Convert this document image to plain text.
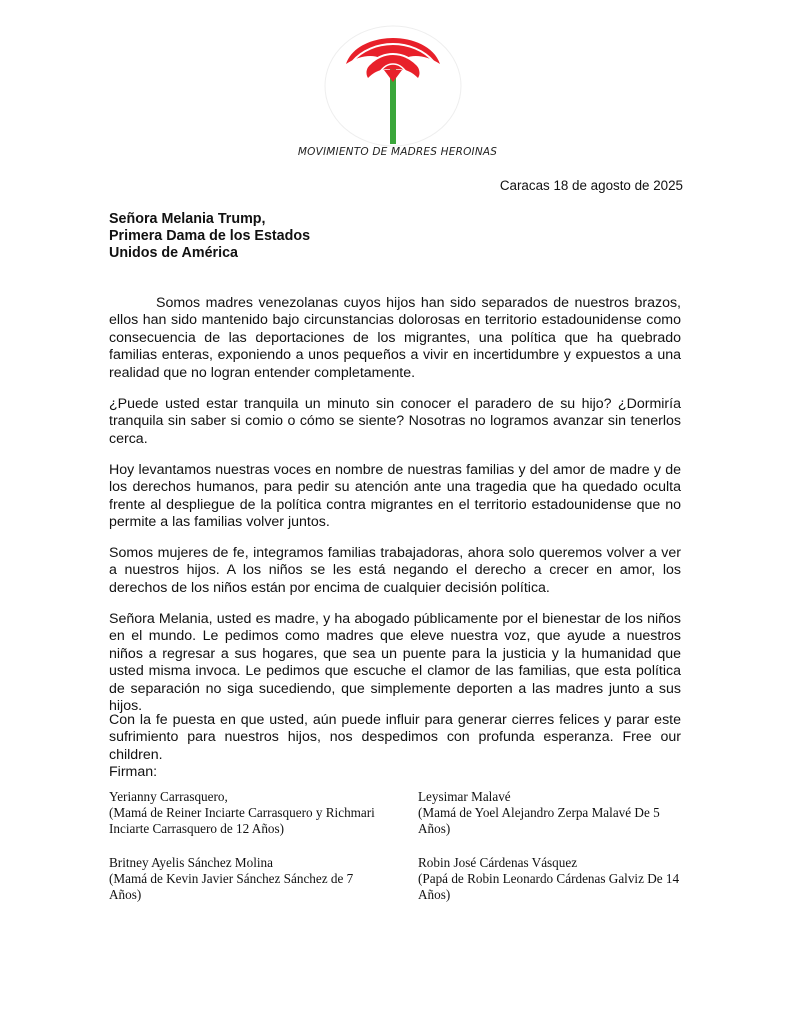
MOVIMIENTO DE MADRES HEROINAS
Caracas 18 de agosto de 2025
Señora Melania Trump,
Primera Dama de los Estados
Unidos de América

Somos madres venezolanas cuyos hijos han sido separados de nuestros brazos, ellos han sido mantenido bajo circunstancias dolorosas en territorio estadounidense como consecuencia de las deportaciones de los migrantes, una política que ha quebrado familias enteras, exponiendo a unos pequeños a vivir en incertidumbre y expuestos a una realidad que no logran entender completamente.

¿Puede usted estar tranquila un minuto sin conocer el paradero de su hijo? ¿Dormiría tranquila sin saber si comio o cómo se siente? Nosotras no logramos avanzar sin tenerlos cerca.

Hoy levantamos nuestras voces en nombre de nuestras familias y del amor de madre y de los derechos humanos, para pedir su atención ante una tragedia que ha quedado oculta frente al despliegue de la política contra migrantes en el territorio estadounidense que no permite a las familias volver juntos.

Somos mujeres de fe, integramos familias trabajadoras, ahora solo queremos volver a ver a nuestros hijos. A los niños se les está negando el derecho a crecer en amor, los derechos de los niños están por encima de cualquier decisión política.

Señora Melania, usted es madre, y ha abogado públicamente por el bienestar de los niños en el mundo. Le pedimos como madres que eleve nuestra voz, que ayude a nuestros niños a regresar a sus hogares, que sea un puente para la justicia y la humanidad que usted misma invoca. Le pedimos que escuche el clamor de las familias, que esta política de separación no siga sucediendo, que simplemente deporten a las madres junto a sus hijos.

Con la fe puesta en que usted, aún puede influir para generar cierres felices y parar este sufrimiento para nuestros hijos, nos despedimos con profunda esperanza. Free our children.

Firman:
Yerianny Carrasquero,
(Mamá de Reiner Inciarte Carrasquero y Richmari Inciarte Carrasquero de 12 Años)
Leysimar Malavé
(Mamá de Yoel Alejandro Zerpa Malavé De 5 Años)
Britney Ayelis Sánchez Molina
(Mamá de Kevin Javier Sánchez Sánchez de 7 Años)
Robin José Cárdenas Vásquez
(Papá de Robin Leonardo Cárdenas Galviz De 14 Años)
